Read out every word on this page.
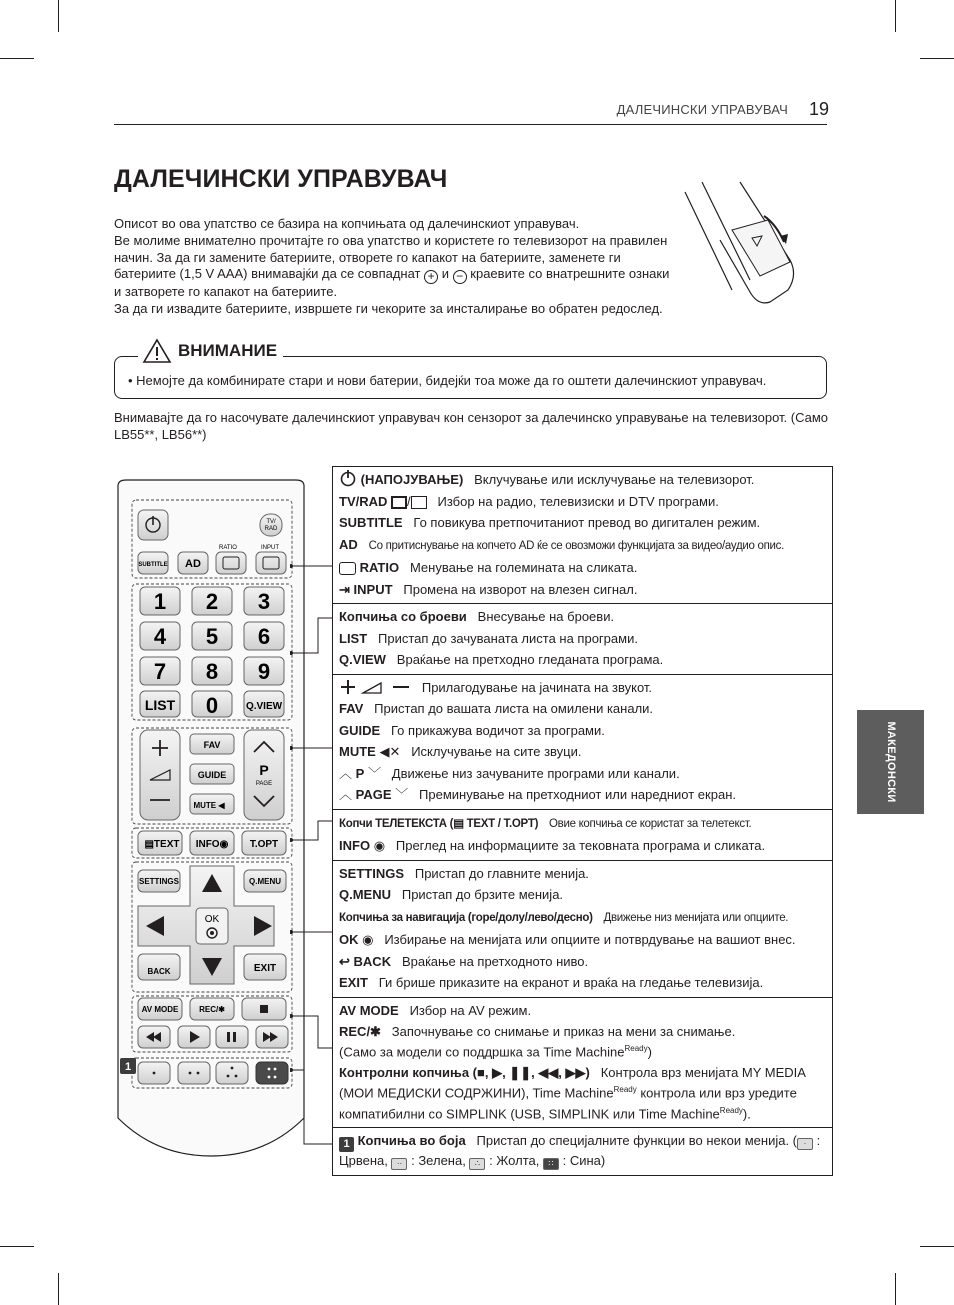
ДАЛЕЧИНСКИ УПРАВУВАЧ 19
ДАЛЕЧИНСКИ УПРАВУВАЧ

Описот во ова упатство се базира на копчињата од далечинскиот управувач.

Ве молиме внимателно прочитајте го ова упатство и користете го телевизорот на правилен начин. За да ги замените батериите, отворете го капакот на батериите, заменете ги батериите (1,5 V AAA) внимавајќи да се совпаднат + и − краевите со внатрешните ознаки и затворете го капакот на батериите.

За да ги извадите батериите, извршете ги чекорите за инсталирање во обратен редослед.

ВНИМАНИЕ
• Немојте да комбинирате стари и нови батерии, бидејќи тоа може да го оштети далечинскиот управувач.
Внимавајте да го насочувате далечинскиот управувач кон сензорот за далечинско управување на телевизорот. (Само LB55**, LB56**)
TV/
RAD
RATIO	INPUT
SUBTITLE AD
1 2 3
4 5 6
7 8 9
LIST 0	Q.VIEW
FAV
GUIDE
MUTE ◀
P
PAGE
▤TEXT INFO◉ T.OPT
SETTINGS	Q.MENU
BACK	EXIT
OK
AV MODE	REC/✱
1
(НАПОЈУВАЊЕ) Вклучување или исклучување на телевизорот.
TV/RAD / Избор на радио, телевизиски и DTV програми.
SUBTITLE Го повикува претпочитаниот превод во дигитален режим.
AD Со притиснување на копчето AD ќе се овозможи функцијата за видео/аудио опис.
RATIO Менување на големината на сликата.
⇥ INPUT Промена на изворот на влезен сигнал.
Копчиња со броеви Внесување на броеви.
LIST Пристап до зачуваната листа на програми.
Q.VIEW Враќање на претходно гледаната програма.
Прилагодување на јачината на звукот.
FAV Пристап до вашата листа на омилени канали.
GUIDE Го прикажува водичот за програми.
MUTE ◀✕ Исклучување на сите звуци.
︿ P ﹀ Движење низ зачуваните програми или канали.
︿ PAGE ﹀ Преминување на претходниот или наредниот екран.
Копчи ТЕЛЕТЕКСТА (▤ TEXT / T.OPT) Овие копчиња се користат за телетекст.
INFO ◉ Преглед на информациите за тековната програма и сликата.
SETTINGS Пристап до главните менија.
Q.MENU Пристап до брзите менија.
Копчиња за навигација (горе/долу/лево/десно) Движење низ менијата или опциите.
OK ◉ Избирање на менијата или опциите и потврдување на вашиот внес.
↩ BACK Враќање на претходното ниво.
EXIT Ги брише приказите на екранот и враќа на гледање телевизија.
AV MODE Избор на AV режим.
REC/✱ Започнување со снимање и приказ на мени за снимање.
(Само за модели со поддршка за Time Machine$^{Ready}$)
Контролни копчиња (■, ▶, ❚❚, ◀◀, ▶▶) Контрола врз менијата MY MEDIA (МОИ МЕДИСКИ СОДРЖИНИ), Time Machine$^{Ready}$ контрола или врз уредите компатибилни со SIMPLINK (USB, SIMPLINK или Time Machine$^{Ready}$).
1 Копчиња во боја Пристап до специјалните функции во некои менија. ( · : Црвена, ·· : Зелена, ∴ : Жолта, ∷ : Сина)
МАКЕДОНСКИ
